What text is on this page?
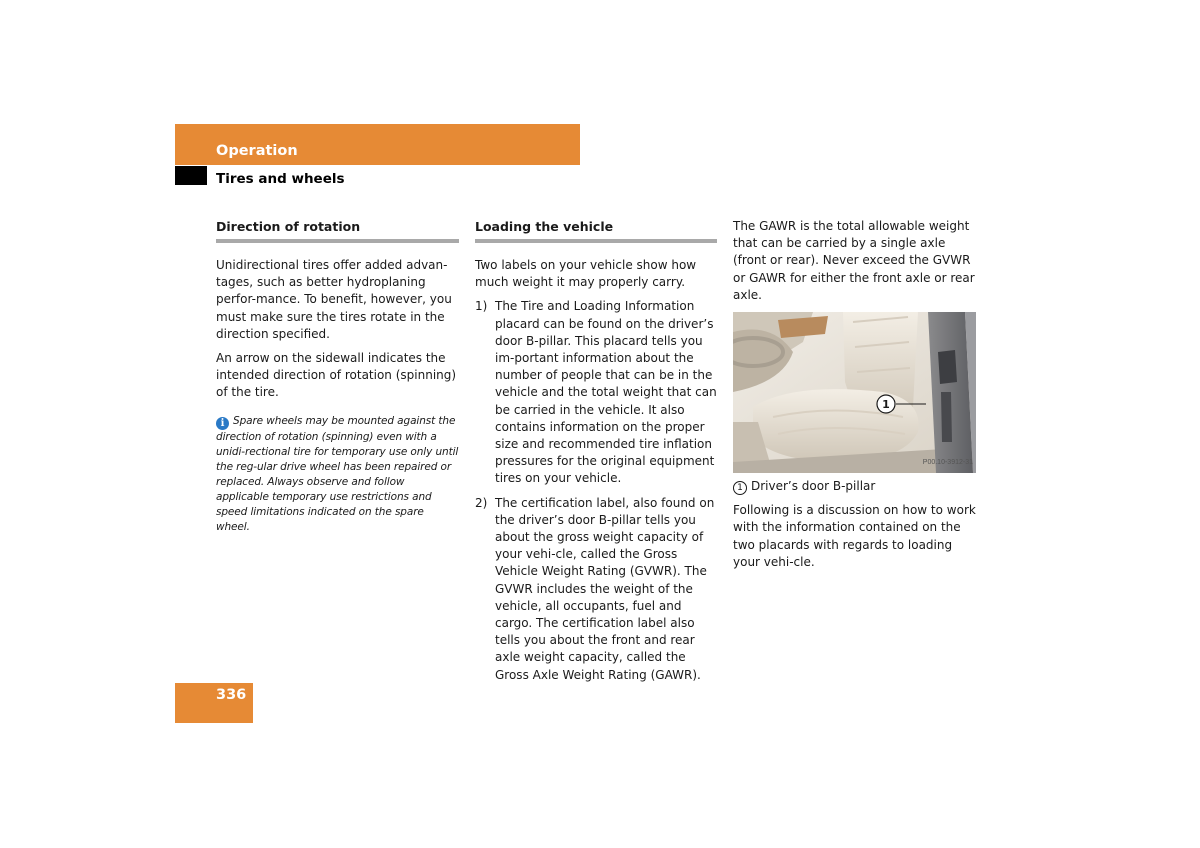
Operation
Tires and wheels
Direction of rotation

Unidirectional tires offer added advan-tages, such as better hydroplaning perfor-mance. To benefit, however, you must make sure the tires rotate in the direction specified.

An arrow on the sidewall indicates the intended direction of rotation (spinning) of the tire.

i Spare wheels may be mounted against the direction of rotation (spinning) even with a unidi-rectional tire for temporary use only until the reg-ular drive wheel has been repaired or replaced. Always observe and follow applicable temporary use restrictions and speed limitations indicated on the spare wheel.
Loading the vehicle

Two labels on your vehicle show how much weight it may properly carry.

1) The Tire and Loading Information placard can be found on the driver’s door B-pillar. This placard tells you im-portant information about the number of people that can be in the vehicle and the total weight that can be carried in the vehicle. It also contains information on the proper size and recommended tire inflation pressures for the original equipment tires on your vehicle.
2) The certification label, also found on the driver’s door B-pillar tells you about the gross weight capacity of your vehi-cle, called the Gross Vehicle Weight Rating (GVWR). The GVWR includes the weight of the vehicle, all occupants, fuel and cargo. The certification label also tells you about the front and rear axle weight capacity, called the Gross Axle Weight Rating (GAWR).

The GAWR is the total allowable weight that can be carried by a single axle (front or rear). Never exceed the GVWR or GAWR for either the front axle or rear axle.

1
P00.10-3912-31

1 Driver’s door B-pillar

Following is a discussion on how to work with the information contained on the two placards with regards to loading your vehi-cle.

336
